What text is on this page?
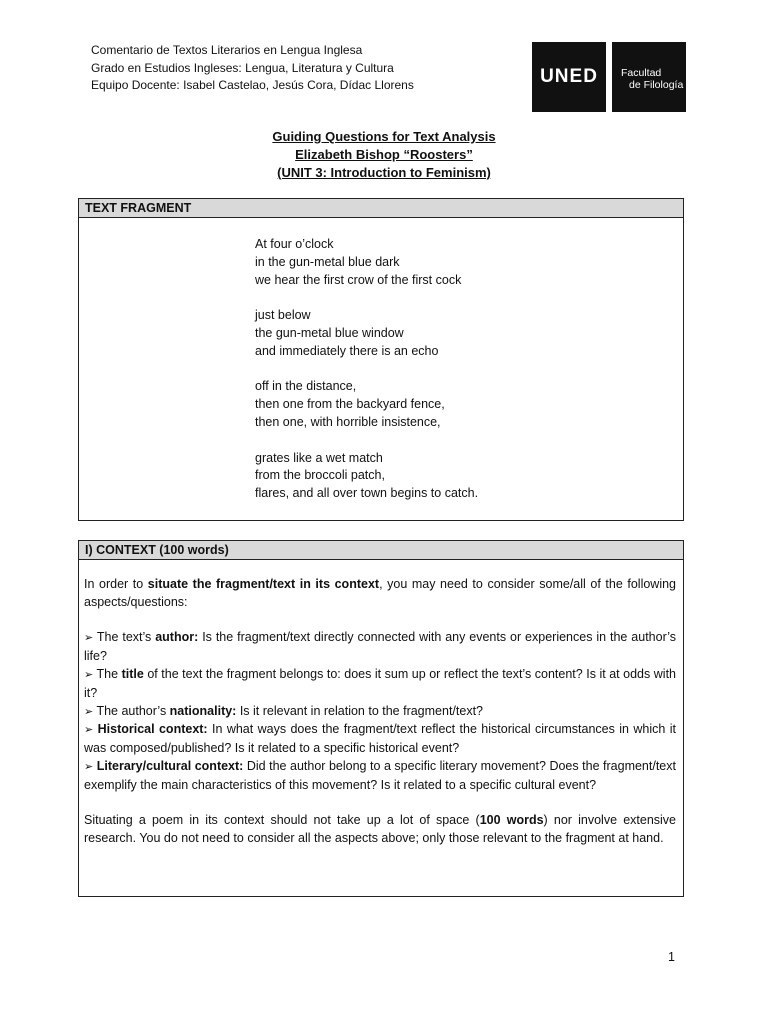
Comentario de Textos Literarios en Lengua Inglesa
Grado en Estudios Ingleses: Lengua, Literatura y Cultura
Equipo Docente: Isabel Castelao, Jesús Cora, Dídac Llorens	UNED	Facultad
de Filología
Guiding Questions for Text Analysis
Elizabeth Bishop “Roosters”
(UNIT 3: Introduction to Feminism)
TEXT FRAGMENT
At four o’clock
in the gun-metal blue dark
we hear the first crow of the first cock
just below
the gun-metal blue window
and immediately there is an echo
off in the distance,
then one from the backyard fence,
then one, with horrible insistence,
grates like a wet match
from the broccoli patch,
flares, and all over town begins to catch.
I) CONTEXT (100 words)

In order to situate the fragment/text in its context, you may need to consider some/all of the following aspects/questions:

➢ The text’s author: Is the fragment/text directly connected with any events or experiences in the author’s life?

➢ The title of the text the fragment belongs to: does it sum up or reflect the text’s content? Is it at odds with it?

➢ The author’s nationality: Is it relevant in relation to the fragment/text?

➢ Historical context: In what ways does the fragment/text reflect the historical circumstances in which it was composed/published? Is it related to a specific historical event?

➢ Literary/cultural context: Did the author belong to a specific literary movement? Does the fragment/text exemplify the main characteristics of this movement? Is it related to a specific cultural event?

Situating a poem in its context should not take up a lot of space (100 words) nor involve extensive research. You do not need to consider all the aspects above; only those relevant to the fragment at hand.

1
